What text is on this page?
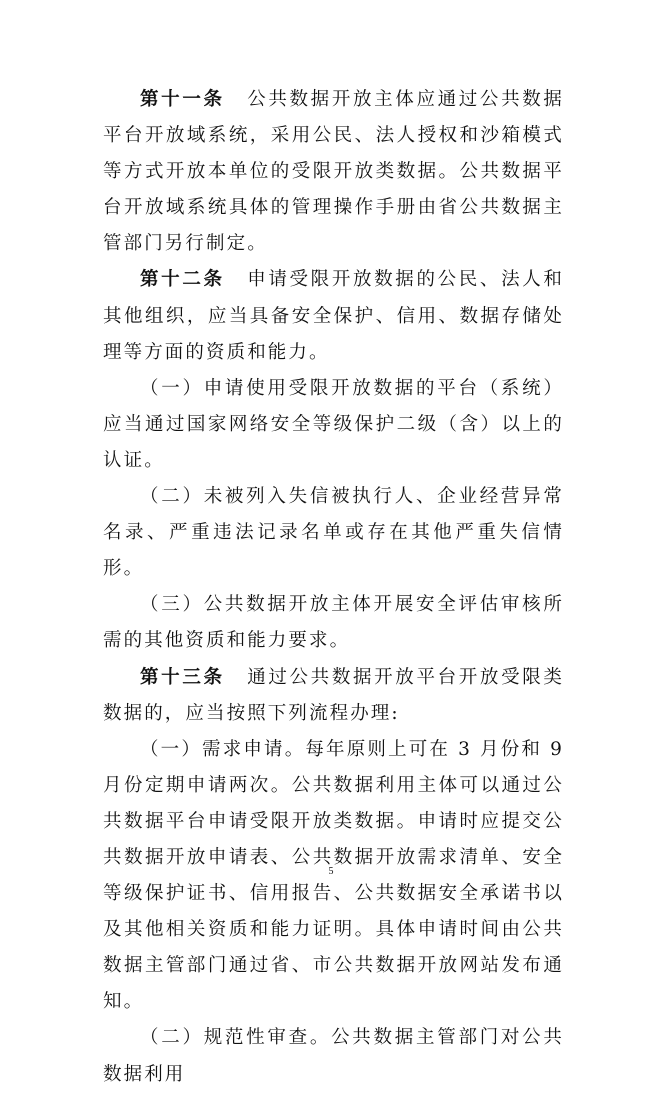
第十一条 公共数据开放主体应通过公共数据平台开放域系统，采用公民、法人授权和沙箱模式等方式开放本单位的受限开放类数据。公共数据平台开放域系统具体的管理操作手册由省公共数据主管部门另行制定。

第十二条 申请受限开放数据的公民、法人和其他组织，应当具备安全保护、信用、数据存储处理等方面的资质和能力。

（一）申请使用受限开放数据的平台（系统）应当通过国家网络安全等级保护二级（含）以上的认证。

（二）未被列入失信被执行人、企业经营异常名录、严重违法记录名单或存在其他严重失信情形。

（三）公共数据开放主体开展安全评估审核所需的其他资质和能力要求。

第十三条 通过公共数据开放平台开放受限类数据的，应当按照下列流程办理:

（一）需求申请。每年原则上可在 3 月份和 9 月份定期申请两次。公共数据利用主体可以通过公共数据平台申请受限开放类数据。申请时应提交公共数据开放申请表、公共数据开放需求清单、安全等级保护证书、信用报告、公共数据安全承诺书以及其他相关资质和能力证明。具体申请时间由公共数据主管部门通过省、市公共数据开放网站发布通知。

（二）规范性审查。公共数据主管部门对公共数据利用

5
